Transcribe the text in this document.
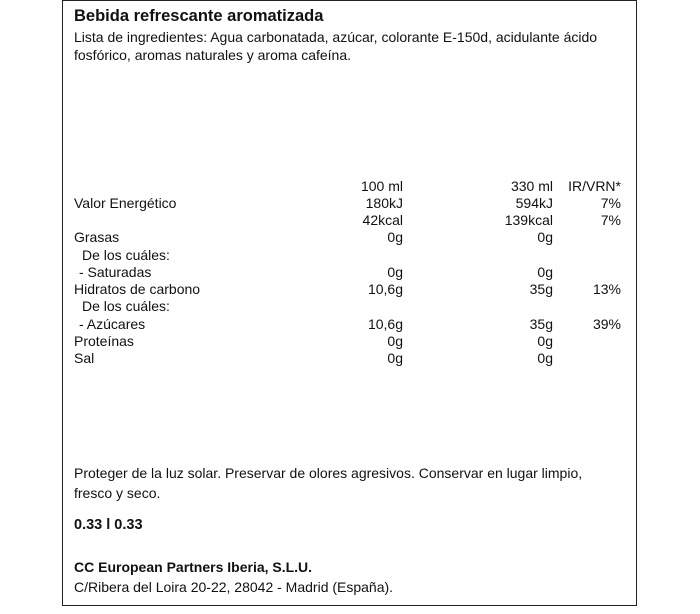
Bebida refrescante aromatizada
Lista de ingredientes: Agua carbonatada, azúcar, colorante E-150d, acidulante ácido fosfórico, aromas naturales y aroma cafeína.
100 ml	330 ml	IR/VRN*
Valor Energético	180kJ	594kJ	7%
42kcal	139kcal	7%
Grasas	0g	0g
De los cuáles:
- Saturadas	0g	0g
Hidratos de carbono	10,6g	35g	13%
De los cuáles:
- Azúcares	10,6g	35g	39%
Proteínas	0g	0g
Sal	0g	0g
Proteger de la luz solar. Preservar de olores agresivos. Conservar en lugar limpio, fresco y seco.
0.33 l 0.33
CC European Partners Iberia, S.L.U.
C/Ribera del Loira 20-22, 28042 - Madrid (España).
